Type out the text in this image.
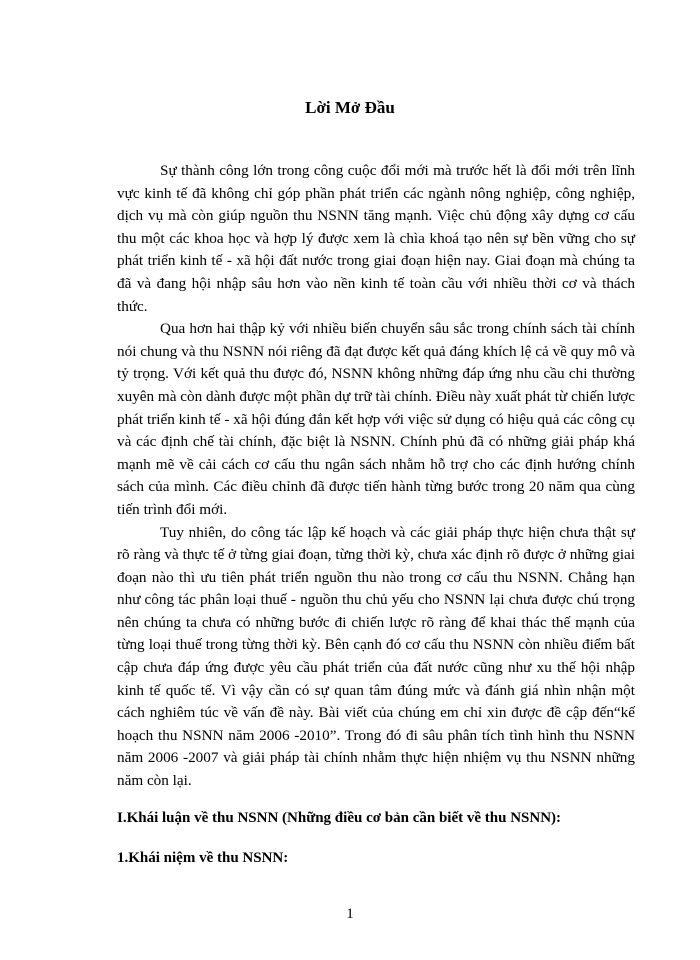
Lời Mở Đầu

Sự thành công lớn trong công cuộc đổi mới mà trước hết là đổi mới trên lĩnh vực kinh tế đã không chỉ góp phần phát triển các ngành nông nghiệp, công nghiệp, dịch vụ mà còn giúp nguồn thu NSNN tăng mạnh. Việc chủ động xây dựng cơ cấu thu một các khoa học và hợp lý được xem là chìa khoá tạo nên sự bền vững cho sự phát triển kinh tế - xã hội đất nước trong giai đoạn hiện nay. Giai đoạn mà chúng ta đã và đang hội nhập sâu hơn vào nền kinh tế toàn cầu với nhiều thời cơ và thách thức.

Qua hơn hai thập kỷ với nhiều biến chuyển sâu sắc trong chính sách tài chính nói chung và thu NSNN nói riêng đã đạt được kết quả đáng khích lệ cả về quy mô và tỷ trọng. Với kết quả thu được đó, NSNN không những đáp ứng nhu cầu chi thường xuyên mà còn dành được một phần dự trữ tài chính. Điều này xuất phát từ chiến lược phát triển kinh tế - xã hội đúng đắn kết hợp với việc sử dụng có hiệu quả các công cụ và các định chế tài chính, đặc biệt là NSNN. Chính phủ đã có những giải pháp khá mạnh mẽ về cải cách cơ cấu thu ngân sách nhằm hỗ trợ cho các định hướng chính sách của mình. Các điều chỉnh đã được tiến hành từng bước trong 20 năm qua cùng tiến trình đổi mới.

Tuy nhiên, do công tác lập kế hoạch và các giải pháp thực hiện chưa thật sự rõ ràng và thực tế ở từng giai đoạn, từng thời kỳ, chưa xác định rõ được ở những giai đoạn nào thì ưu tiên phát triển nguồn thu nào trong cơ cấu thu NSNN. Chẳng hạn như công tác phân loại thuế - nguồn thu chủ yếu cho NSNN lại chưa được chú trọng nên chúng ta chưa có những bước đi chiến lược rõ ràng để khai thác thế mạnh của từng loại thuế trong từng thời kỳ. Bên cạnh đó cơ cấu thu NSNN còn nhiều điểm bất cập chưa đáp ứng được yêu cầu phát triển của đất nước cũng như xu thế hội nhập kinh tế quốc tế. Vì vậy cần có sự quan tâm đúng mức và đánh giá nhìn nhận một cách nghiêm túc về vấn đề này. Bài viết của chúng em chỉ xin được đề cập đến“kế hoạch thu NSNN năm 2006 -2010”. Trong đó đi sâu phân tích tình hình thu NSNN năm 2006 -2007 và giải pháp tài chính nhằm thực hiện nhiệm vụ thu NSNN những năm còn lại.

I.Khái luận về thu NSNN (Những điều cơ bản cần biết về thu NSNN):
1.Khái niệm về thu NSNN:
1
